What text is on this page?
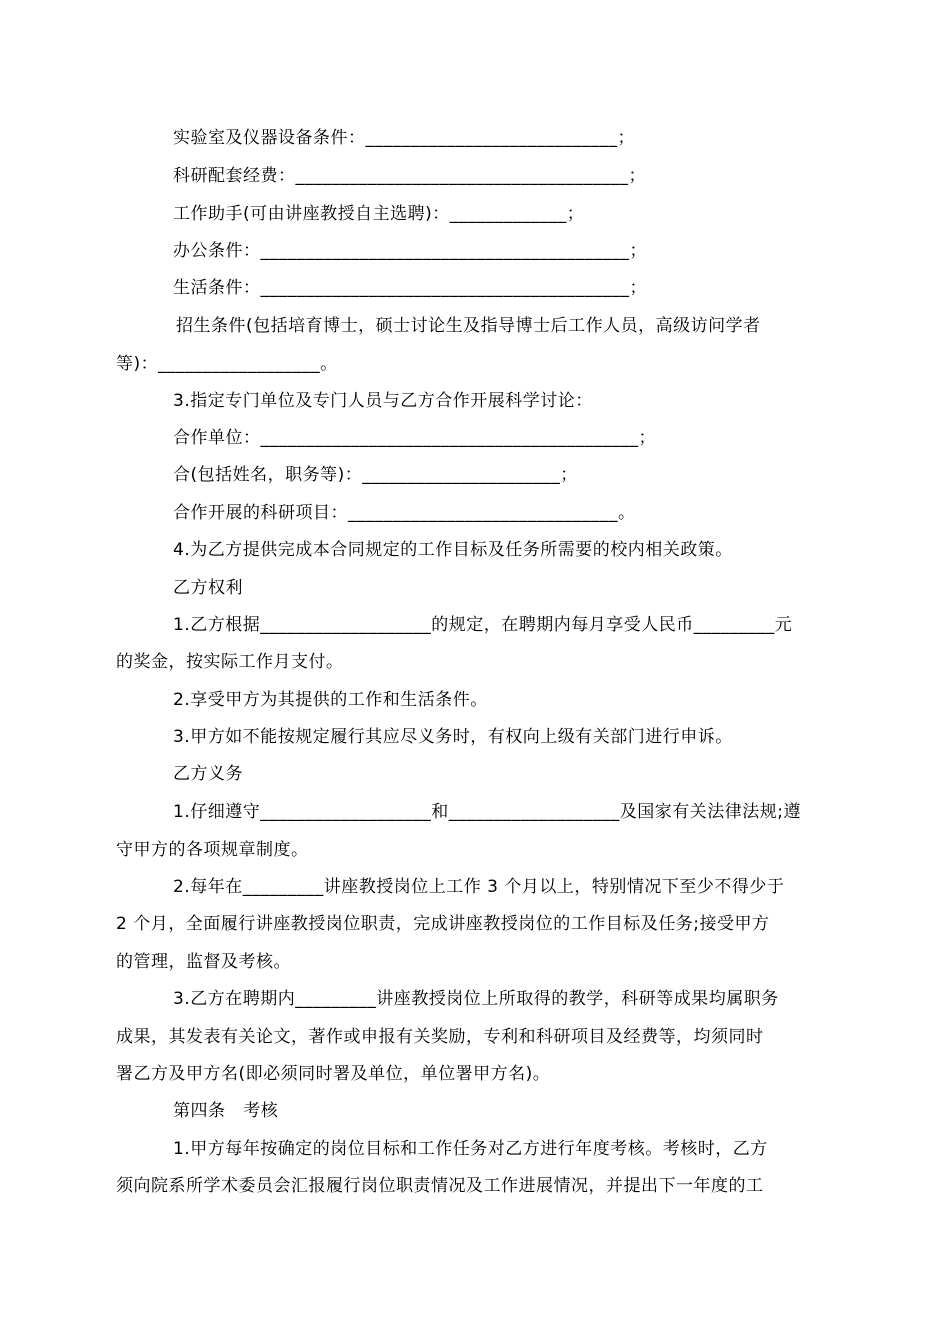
实验室及仪器设备条件：____________________________；
科研配套经费：_____________________________________；
工作助手(可由讲座教授自主选聘)：_____________；
办公条件：_________________________________________；
生活条件：_________________________________________；
招生条件(包括培育博士，硕士讨论生及指导博士后工作人员，高级访问学者
等)：__________________。
3.指定专门单位及专门人员与乙方合作开展科学讨论：
合作单位：__________________________________________；
合(包括姓名，职务等)：______________________；
合作开展的科研项目：______________________________。
4.为乙方提供完成本合同规定的工作目标及任务所需要的校内相关政策。
乙方权利
1.乙方根据___________________的规定，在聘期内每月享受人民币_________元
的奖金，按实际工作月支付。
2.享受甲方为其提供的工作和生活条件。
3.甲方如不能按规定履行其应尽义务时，有权向上级有关部门进行申诉。
乙方义务
1.仔细遵守___________________和___________________及国家有关法律法规;遵
守甲方的各项规章制度。
2.每年在_________讲座教授岗位上工作 3 个月以上，特别情况下至少不得少于
2 个月，全面履行讲座教授岗位职责，完成讲座教授岗位的工作目标及任务;接受甲方
的管理，监督及考核。
3.乙方在聘期内_________讲座教授岗位上所取得的教学，科研等成果均属职务
成果，其发表有关论文，著作或申报有关奖励，专利和科研项目及经费等，均须同时
署乙方及甲方名(即必须同时署及单位，单位署甲方名)。
第四条   考核
1.甲方每年按确定的岗位目标和工作任务对乙方进行年度考核。考核时，乙方
须向院系所学术委员会汇报履行岗位职责情况及工作进展情况，并提出下一年度的工
